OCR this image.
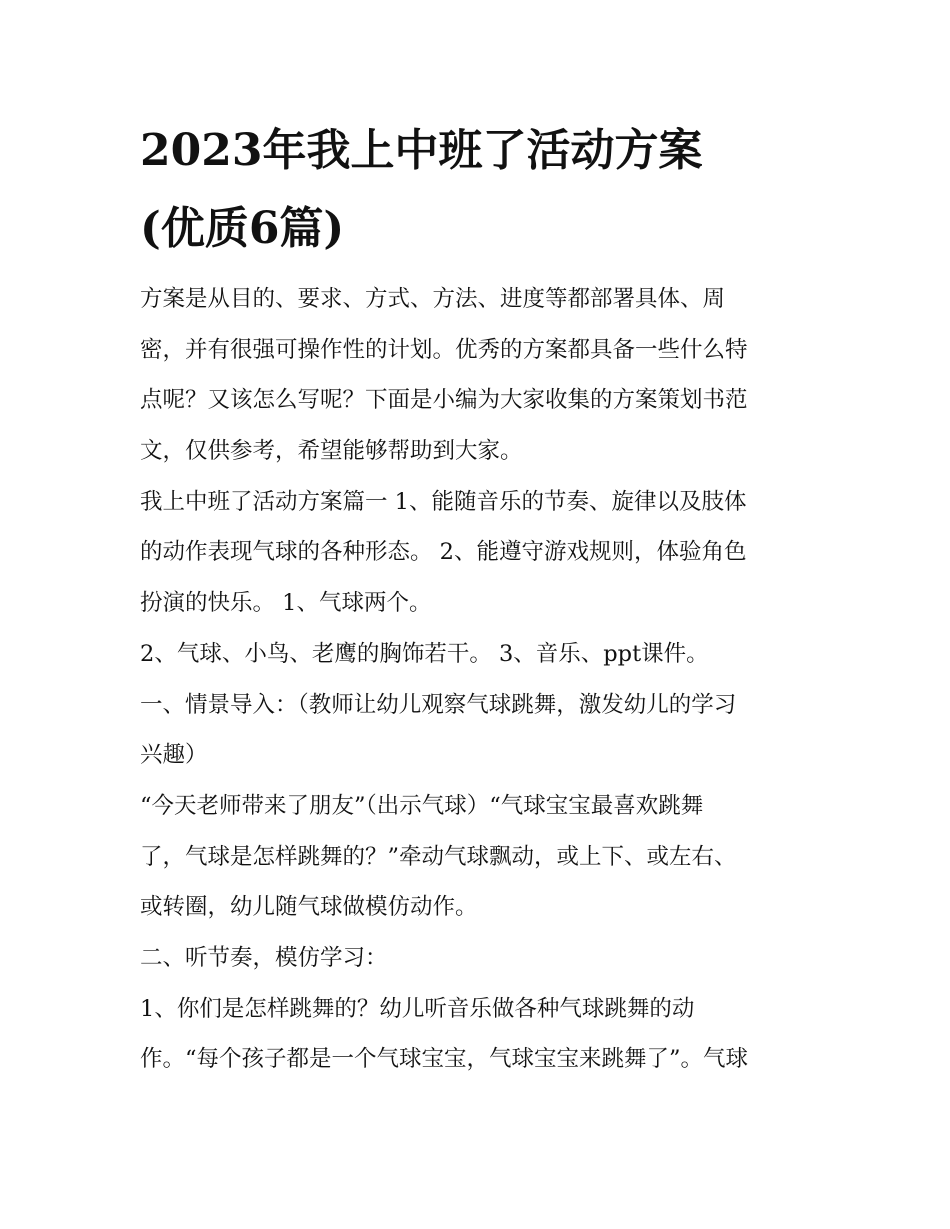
2023年我上中班了活动方案
(优质6篇)
方案是从目的、要求、方式、方法、进度等都部署具体、周
密，并有很强可操作性的计划。优秀的方案都具备一些什么特
点呢？又该怎么写呢？下面是小编为大家收集的方案策划书范
文，仅供参考，希望能够帮助到大家。
我上中班了活动方案篇一 1、能随音乐的节奏、旋律以及肢体
的动作表现气球的各种形态。 2、能遵守游戏规则，体验角色
扮演的快乐。 1、气球两个。
2、气球、小鸟、老鹰的胸饰若干。 3、音乐、ppt课件。
一、情景导入：（教师让幼儿观察气球跳舞，激发幼儿的学习
兴趣）
“今天老师带来了朋友”（出示气球）“气球宝宝最喜欢跳舞
了，气球是怎样跳舞的？”牵动气球飘动，或上下、或左右、
或转圈，幼儿随气球做模仿动作。
二、听节奏，模仿学习：
1、你们是怎样跳舞的？幼儿听音乐做各种气球跳舞的动
作。“每个孩子都是一个气球宝宝，气球宝宝来跳舞了”。气球
